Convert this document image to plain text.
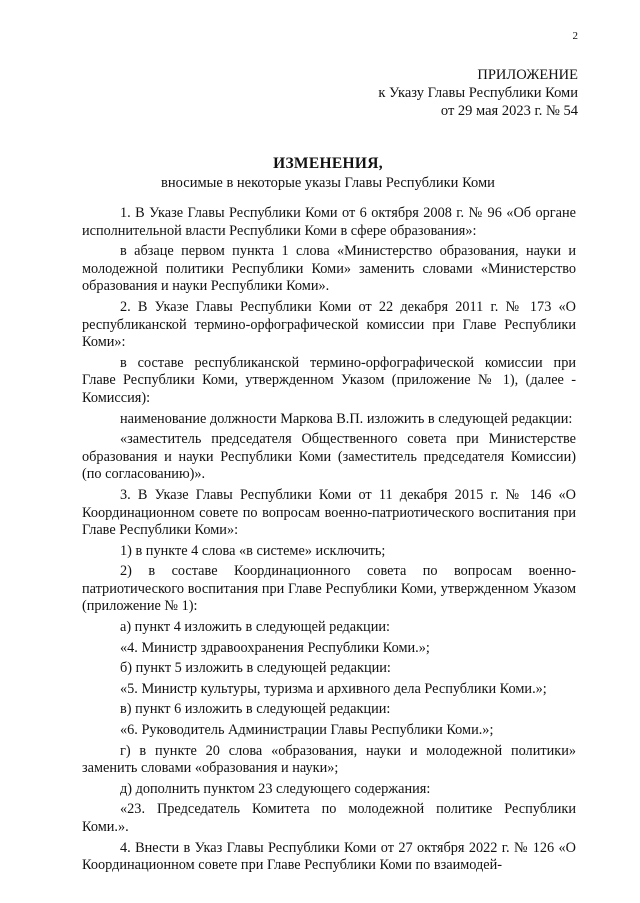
2
ПРИЛОЖЕНИЕ
к Указу Главы Республики Коми
от 29 мая 2023 г. № 54
ИЗМЕНЕНИЯ,
вносимые в некоторые указы Главы Республики Коми

1. В Указе Главы Республики Коми от 6 октября 2008 г. № 96 «Об органе исполнительной власти Республики Коми в сфере образования»:

в абзаце первом пункта 1 слова «Министерство образования, науки и молодежной политики Республики Коми» заменить словами «Министерство образования и науки Республики Коми».

2. В Указе Главы Республики Коми от 22 декабря 2011 г. № 173 «О республиканской термино-орфографической комиссии при Главе Республики Коми»:

в составе республиканской термино-орфографической комиссии при Главе Республики Коми, утвержденном Указом (приложение № 1), (далее - Комиссия):

наименование должности Маркова В.П. изложить в следующей редакции:

«заместитель председателя Общественного совета при Министерстве образования и науки Республики Коми (заместитель председателя Комиссии) (по согласованию)».

3. В Указе Главы Республики Коми от 11 декабря 2015 г. № 146 «О Координационном совете по вопросам военно-патриотического воспитания при Главе Республики Коми»:

1) в пункте 4 слова «в системе» исключить;

2) в составе Координационного совета по вопросам военно-патриотического воспитания при Главе Республики Коми, утвержденном Указом (приложение № 1):

а) пункт 4 изложить в следующей редакции:

«4. Министр здравоохранения Республики Коми.»;

б) пункт 5 изложить в следующей редакции:

«5. Министр культуры, туризма и архивного дела Республики Коми.»;

в) пункт 6 изложить в следующей редакции:

«6. Руководитель Администрации Главы Республики Коми.»;

г) в пункте 20 слова «образования, науки и молодежной политики» заменить словами «образования и науки»;

д) дополнить пунктом 23 следующего содержания:

«23. Председатель Комитета по молодежной политике Республики Коми.».

4. Внести в Указ Главы Республики Коми от 27 октября 2022 г. № 126 «О Координационном совете при Главе Республики Коми по взаимодей-
